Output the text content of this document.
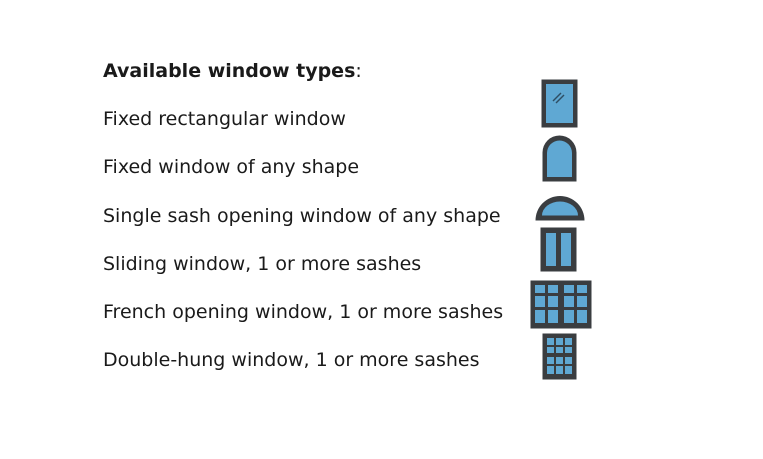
Available window types:
Fixed rectangular window
Fixed window of any shape
Single sash opening window of any shape
Sliding window, 1 or more sashes
French opening window, 1 or more sashes
Double-hung window, 1 or more sashes
